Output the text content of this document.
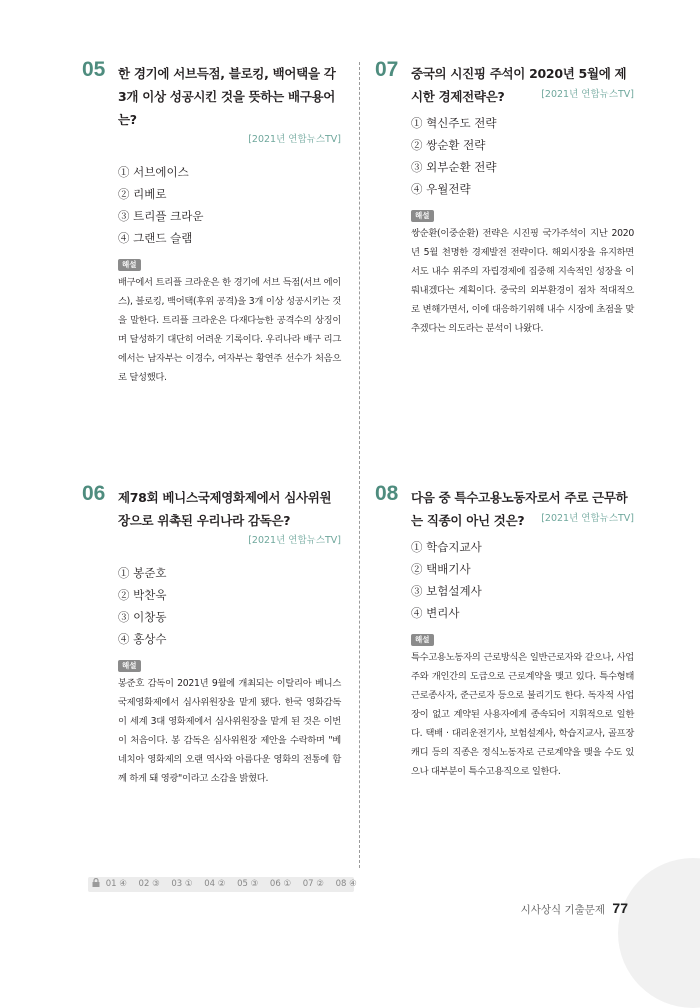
05 한 경기에 서브득점, 블로킹, 백어택을 각 3개 이상 성공시킨 것을 뜻하는 배구용어는?

[2021년 연합뉴스TV]
① 서브에이스
② 리베로
③ 트리플 크라운
④ 그랜드 슬램
해설

배구에서 트리플 크라운은 한 경기에 서브 득점(서브 에이스), 블로킹, 백어택(후위 공격)을 3개 이상 성공시키는 것을 말한다. 트리플 크라운은 다재다능한 공격수의 상징이며 달성하기 대단히 어려운 기록이다. 우리나라 배구 리그에서는 남자부는 이경수, 여자부는 황연주 선수가 처음으로 달성했다.

06 제78회 베니스국제영화제에서 심사위원장으로 위촉된 우리나라 감독은?

[2021년 연합뉴스TV]
① 봉준호
② 박찬욱
③ 이창동
④ 홍상수
해설

봉준호 감독이 2021년 9월에 개최되는 이탈리아 베니스국제영화제에서 심사위원장을 맡게 됐다. 한국 영화감독이 세계 3대 영화제에서 심사위원장을 맡게 된 것은 이번이 처음이다. 봉 감독은 심사위원장 제안을 수락하며 "베네치아 영화제의 오랜 역사와 아름다운 영화의 전통에 함께 하게 돼 영광"이라고 소감을 밝혔다.

07 중국의 시진핑 주석이 2020년 5월에 제시한 경제전략은?	[2021년 연합뉴스TV]
① 혁신주도 전략
② 쌍순환 전략
③ 외부순환 전략
④ 우월전략
해설

쌍순환(이중순환) 전략은 시진핑 국가주석이 지난 2020년 5월 천명한 경제발전 전략이다. 해외시장을 유지하면서도 내수 위주의 자립경제에 집중해 지속적인 성장을 이뤄내겠다는 계획이다. 중국의 외부환경이 점차 적대적으로 변해가면서, 이에 대응하기위해 내수 시장에 초점을 맞추겠다는 의도라는 분석이 나왔다.

08 다음 중 특수고용노동자로서 주로 근무하는 직종이 아닌 것은?	[2021년 연합뉴스TV]
① 학습지교사
② 택배기사
③ 보험설계사
④ 변리사
해설

특수고용노동자의 근로방식은 일반근로자와 같으나, 사업주와 개인간의 도급으로 근로계약을 맺고 있다. 특수형태근로종사자, 준근로자 등으로 불리기도 한다. 독자적 사업장이 없고 계약된 사용자에게 종속되어 지휘적으로 일한다. 택배 · 대리운전기사, 보험설계사, 학습지교사, 골프장 캐디 등의 직종은 정식노동자로 근로계약을 맺을 수도 있으나 대부분이 특수고용직으로 일한다.

01 ④ 02 ③ 03 ① 04 ② 05 ③ 06 ① 07 ② 08 ④
시사상식 기출문제 77
